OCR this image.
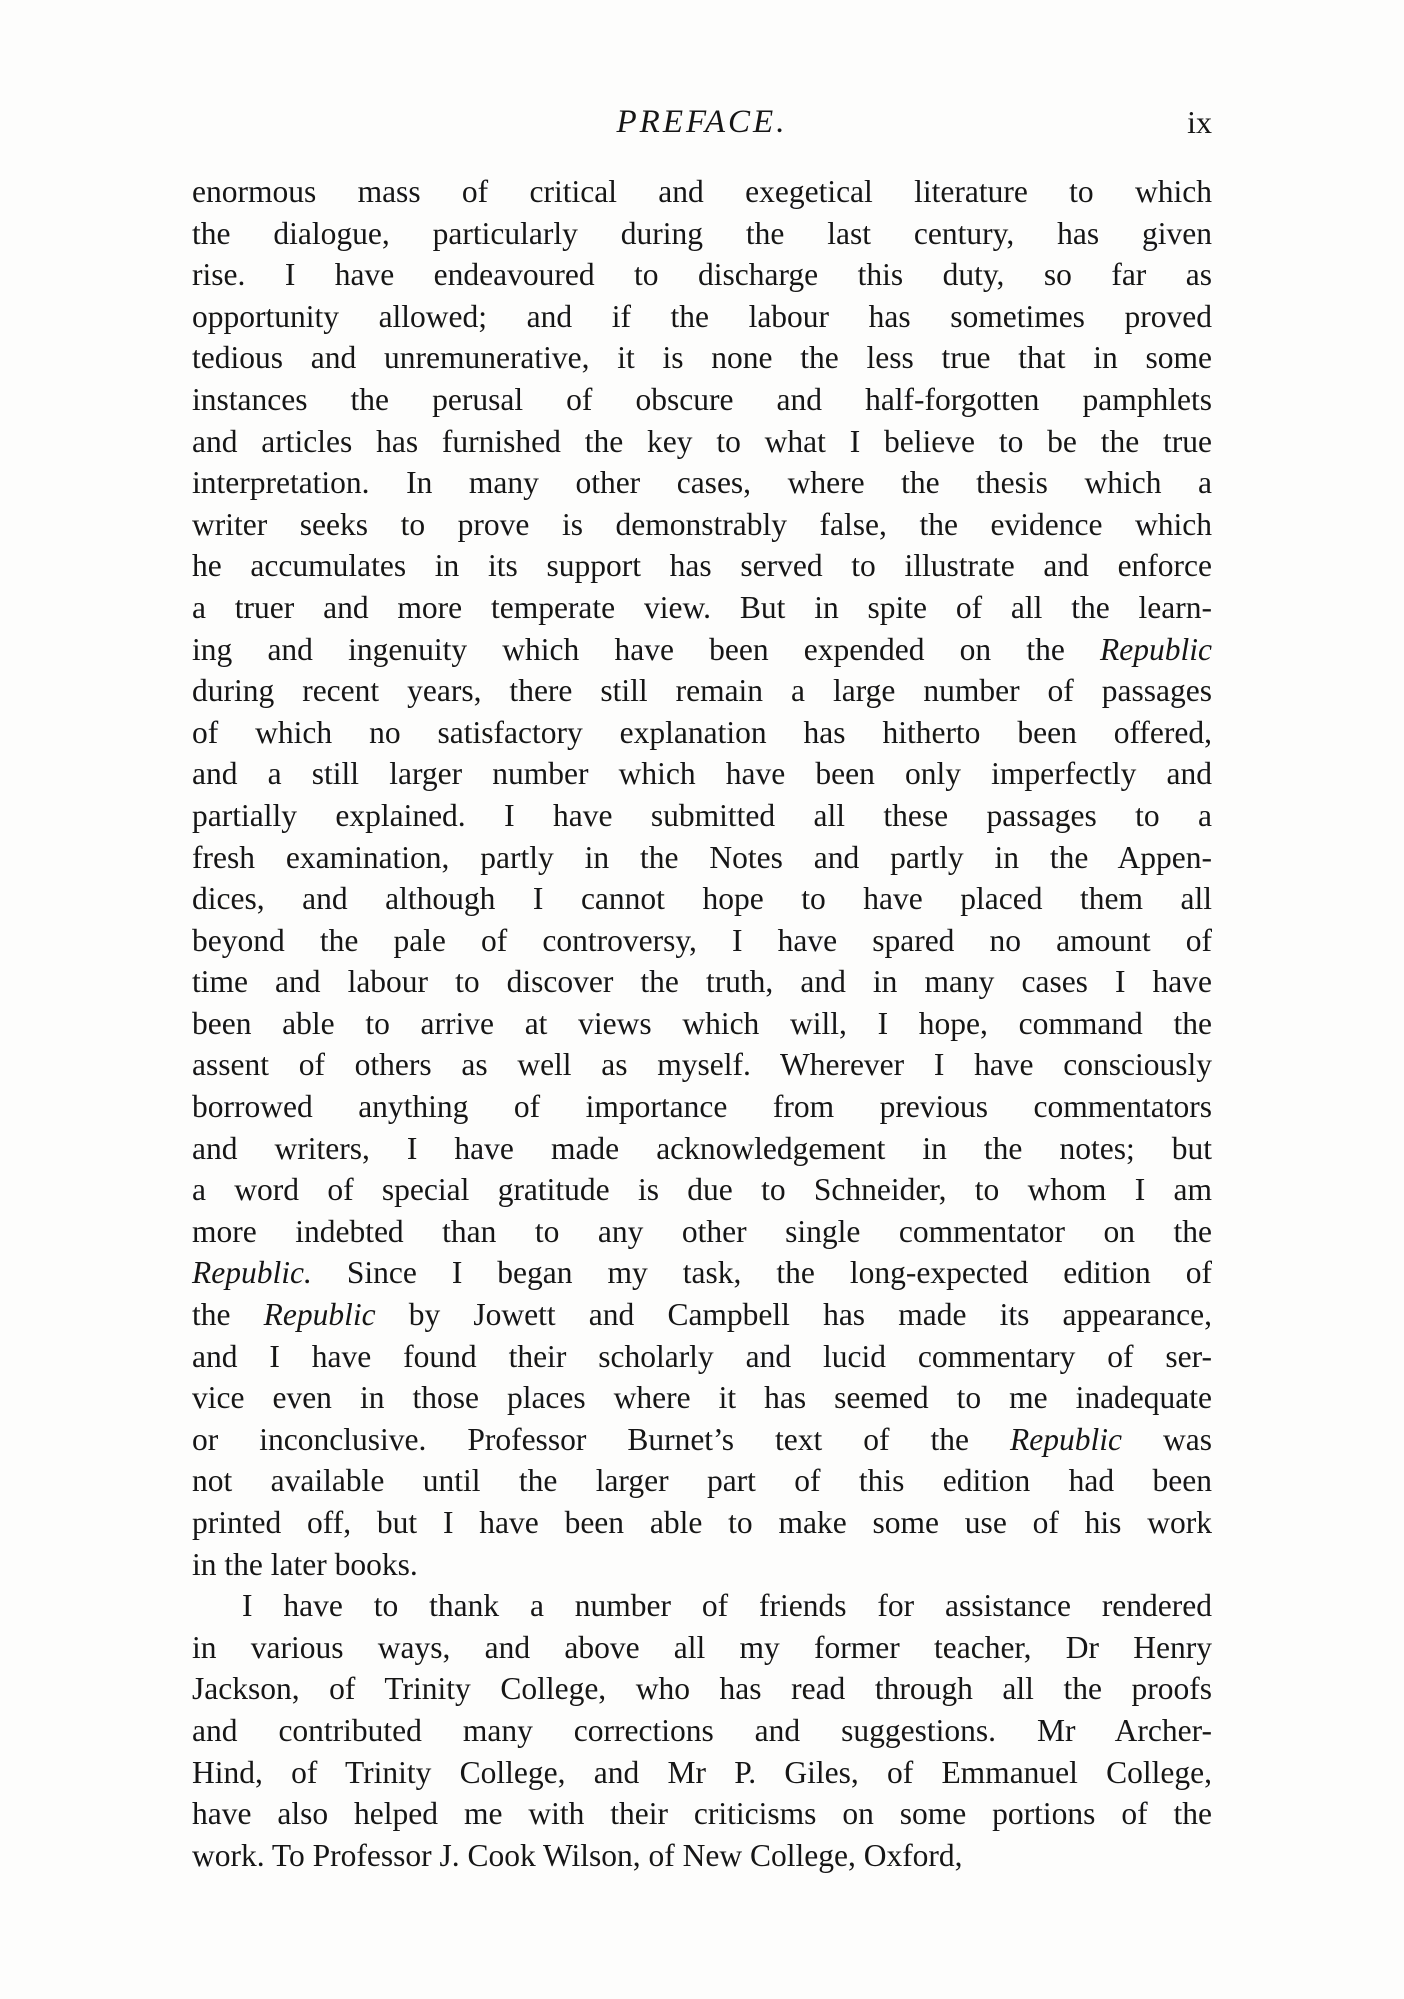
PREFACE.	ix

enormous mass of critical and exegetical literature to which
the dialogue, particularly during the last century, has given
rise. I have endeavoured to discharge this duty, so far as
opportunity allowed; and if the labour has sometimes proved
tedious and unremunerative, it is none the less true that in some
instances the perusal of obscure and half-forgotten pamphlets
and articles has furnished the key to what I believe to be the true
interpretation. In many other cases, where the thesis which a
writer seeks to prove is demonstrably false, the evidence which
he accumulates in its support has served to illustrate and enforce
a truer and more temperate view. But in spite of all the learn-
ing and ingenuity which have been expended on the Republic
during recent years, there still remain a large number of passages
of which no satisfactory explanation has hitherto been offered,
and a still larger number which have been only imperfectly and
partially explained. I have submitted all these passages to a
fresh examination, partly in the Notes and partly in the Appen-
dices, and although I cannot hope to have placed them all
beyond the pale of controversy, I have spared no amount of
time and labour to discover the truth, and in many cases I have
been able to arrive at views which will, I hope, command the
assent of others as well as myself. Wherever I have consciously
borrowed anything of importance from previous commentators
and writers, I have made acknowledgement in the notes; but
a word of special gratitude is due to Schneider, to whom I am
more indebted than to any other single commentator on the
Republic. Since I began my task, the long-expected edition of
the Republic by Jowett and Campbell has made its appearance,
and I have found their scholarly and lucid commentary of ser-
vice even in those places where it has seemed to me inadequate
or inconclusive. Professor Burnet’s text of the Republic was
not available until the larger part of this edition had been
printed off, but I have been able to make some use of his work
in the later books.

I have to thank a number of friends for assistance rendered
in various ways, and above all my former teacher, Dr Henry
Jackson, of Trinity College, who has read through all the proofs
and contributed many corrections and suggestions. Mr Archer-
Hind, of Trinity College, and Mr P. Giles, of Emmanuel College,
have also helped me with their criticisms on some portions of the
work. To Professor J. Cook Wilson, of New College, Oxford,
